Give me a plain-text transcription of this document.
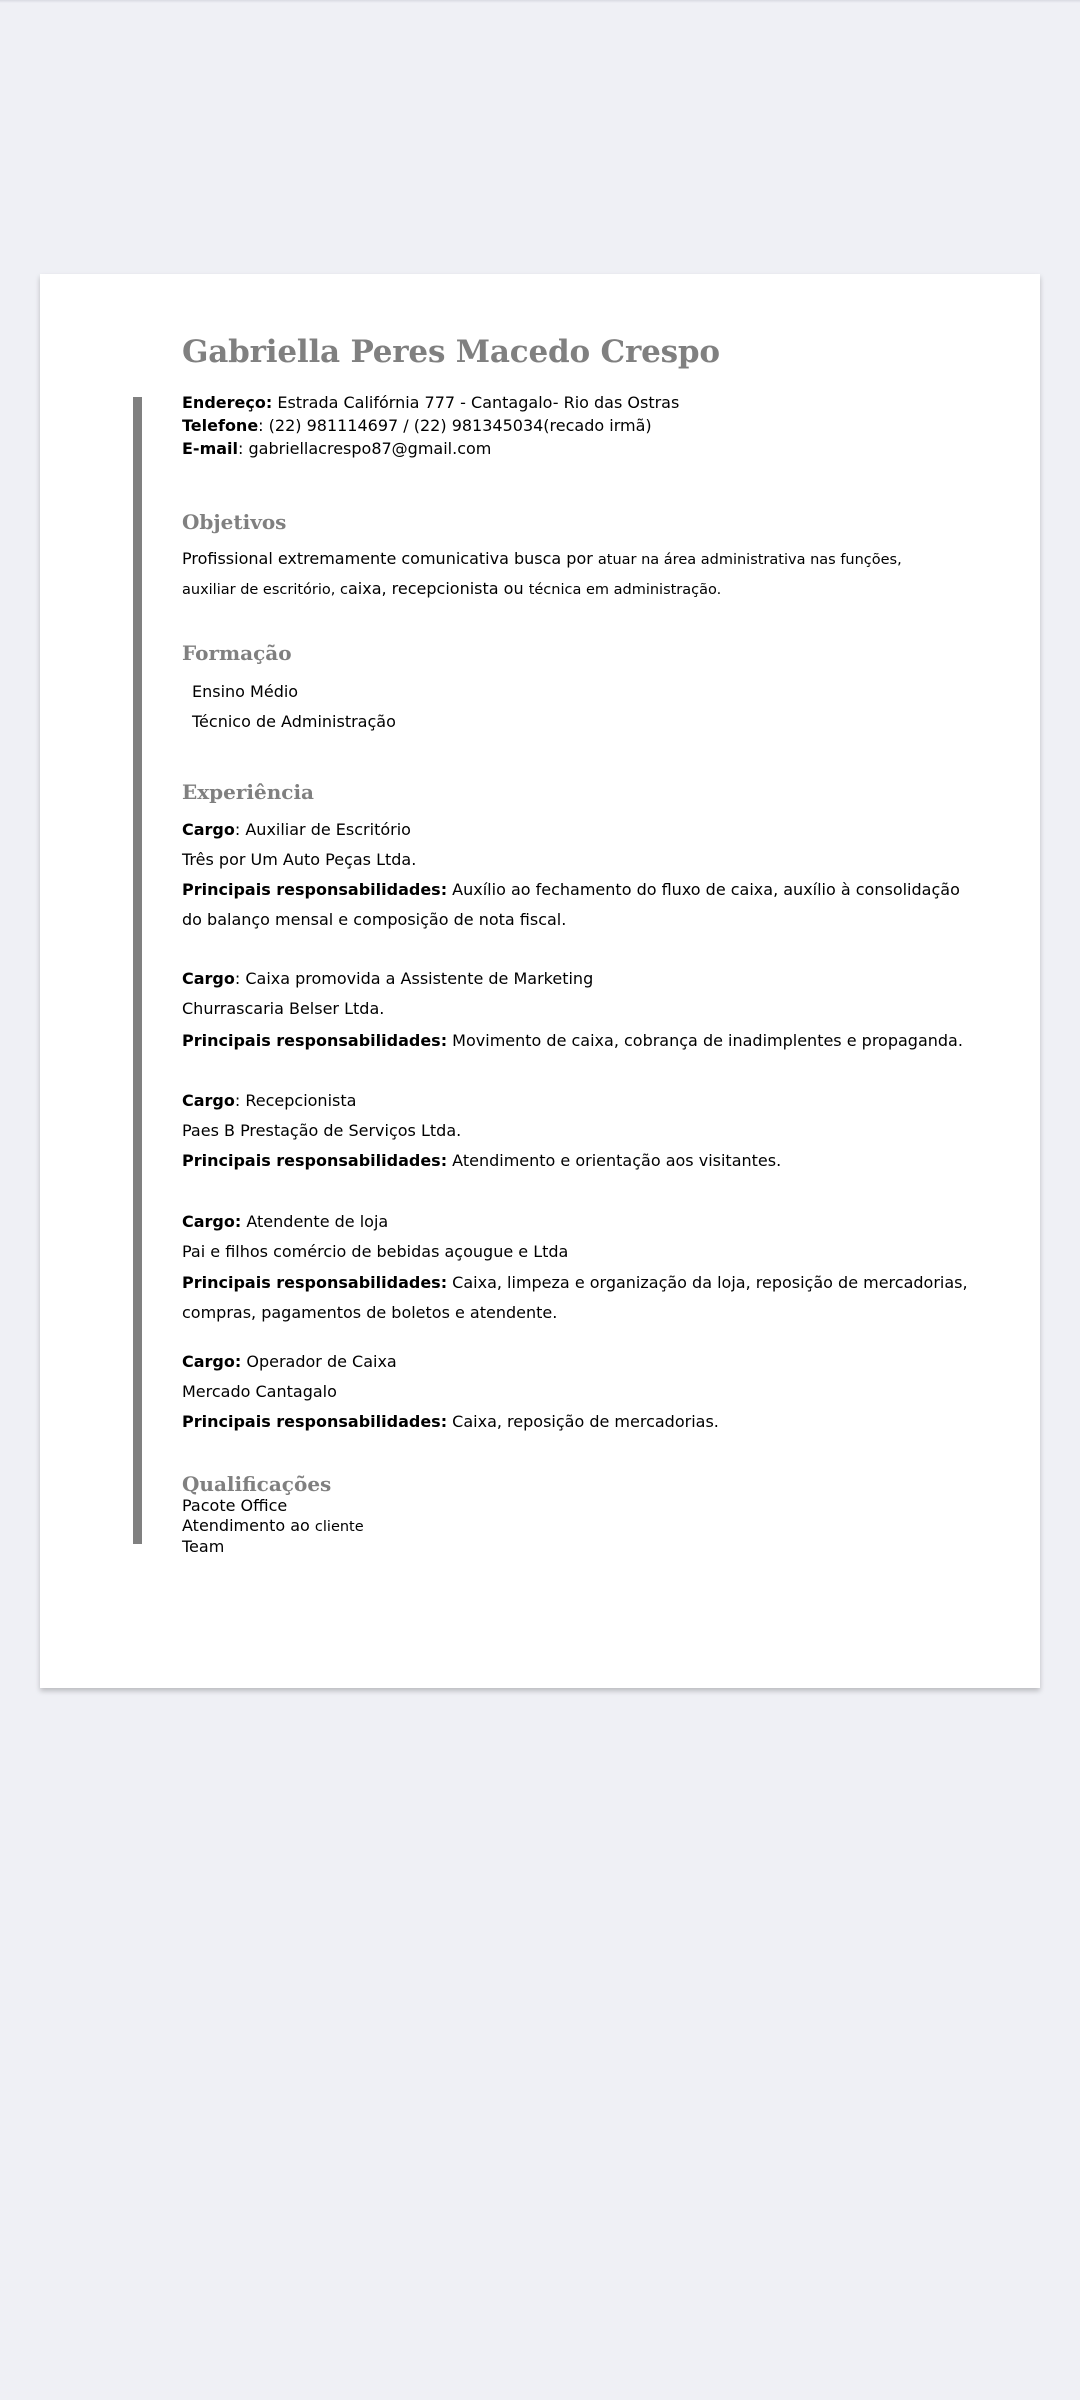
Gabriella Peres Macedo Crespo
Endereço: Estrada Califórnia 777 - Cantagalo- Rio das Ostras
Telefone: (22) 981114697 / (22) 981345034(recado irmã)
E-mail: gabriellacrespo87@gmail.com
Objetivos
Profissional extremamente comunicativa busca por atuar na área administrativa nas funções,
auxiliar de escritório, caixa, recepcionista ou técnica em administração.
Formação
Ensino Médio
Técnico de Administração
Experiência
Cargo: Auxiliar de Escritório
Três por Um Auto Peças Ltda.
Principais responsabilidades: Auxílio ao fechamento do fluxo de caixa, auxílio à consolidação
do balanço mensal e composição de nota fiscal.
Cargo: Caixa promovida a Assistente de Marketing
Churrascaria Belser Ltda.
Principais responsabilidades: Movimento de caixa, cobrança de inadimplentes e propaganda.
Cargo: Recepcionista
Paes B Prestação de Serviços Ltda.
Principais responsabilidades: Atendimento e orientação aos visitantes.
Cargo: Atendente de loja
Pai e filhos comércio de bebidas açougue e Ltda
Principais responsabilidades: Caixa, limpeza e organização da loja, reposição de mercadorias,
compras, pagamentos de boletos e atendente.
Cargo: Operador de Caixa
Mercado Cantagalo
Principais responsabilidades: Caixa, reposição de mercadorias.
Qualificações
Pacote Office
Atendimento ao cliente
Team
